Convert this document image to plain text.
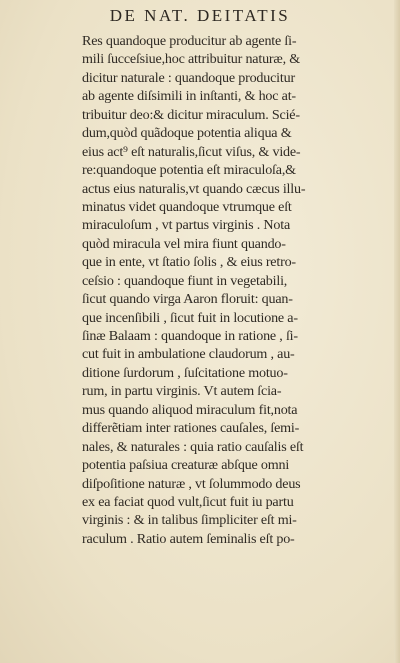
DE NAT. DEITATIS
Res quandoque producitur ab agente ſi-
mili ſucceſsiue,hoc attribuitur naturæ, &
dicitur naturale : quandoque producitur
ab agente diſsimili in inſtanti, & hoc at-
tribuitur deo:& dicitur miraculum. Scié-
dum,quòd quãdoque potentia aliqua &
eius act⁹ eſt naturalis,ſicut viſus, & vide-
re:quandoque potentia eſt miraculoſa,&
actus eius naturalis,vt quando cæcus illu-
minatus videt quandoque vtrumque eſt
miraculoſum , vt partus virginis . Nota
quòd miracula vel mira fiunt quando-
que in ente, vt ſtatio ſolis , & eius retro-
ceſsio : quandoque fiunt in vegetabili,
ſicut quando virga Aaron floruit: quan-
que incenſibili , ſicut fuit in locutione a-
ſinæ Balaam : quandoque in ratione , ſi-
cut fuit in ambulatione claudorum , au-
ditione ſurdorum , ſuſcitatione motuo-
rum, in partu virginis. Vt autem ſcia-
mus quando aliquod miraculum fit,nota
differẽtiam inter rationes cauſales, ſemi-
nales, & naturales : quia ratio cauſalis eſt
potentia paſsiua creaturæ abſque omni
diſpoſitione naturæ , vt ſolummodo deus
ex ea faciat quod vult,ſicut fuit iu partu
virginis : & in talibus ſimpliciter eſt mi-
raculum . Ratio autem ſeminalis eſt po-
